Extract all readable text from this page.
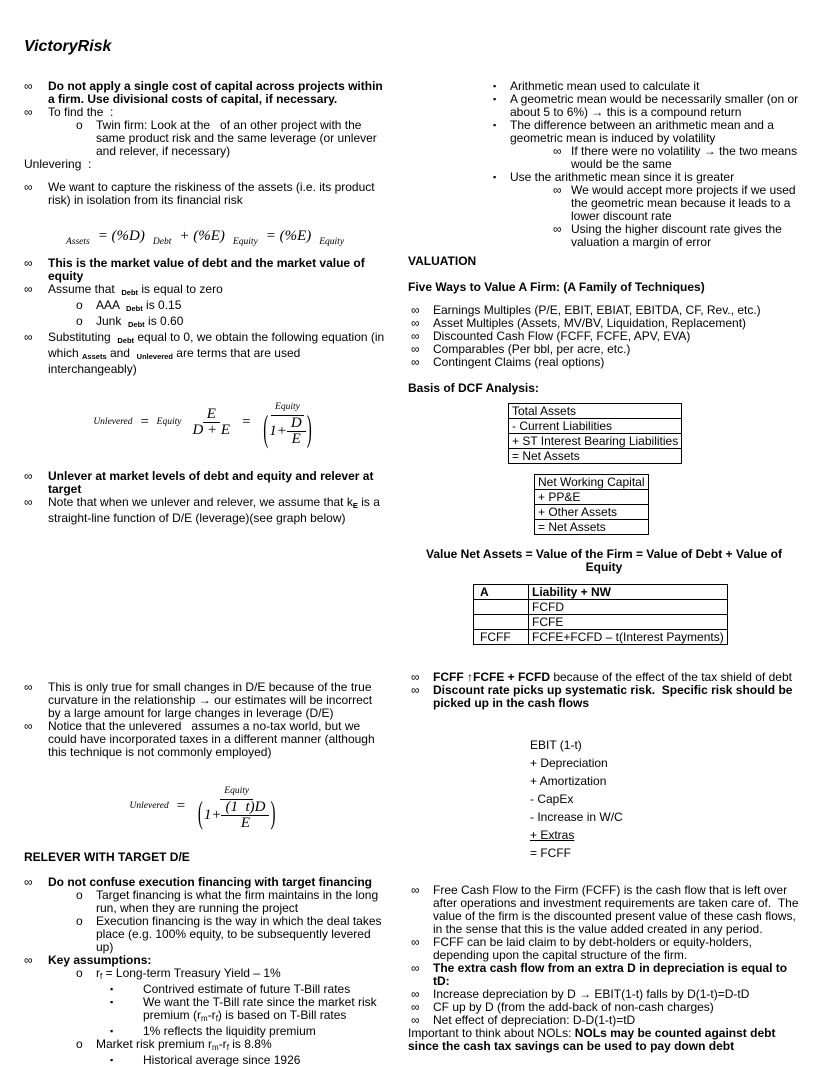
VictoryRisk
∞	Do not apply a single cost of capital across projects within a firm. Use divisional costs of capital, if necessary.
∞	To find the  :
o	Twin firm: Look at the   of an other project with the same product risk and the same leverage (or unlever and relever, if necessary)
Unlevering  :
∞	We want to capture the riskiness of the assets (i.e. its product risk) in isolation from its financial risk
Assets = (%D) Debt + (%E) Equity = (%E) Equity
∞	This is the market value of debt and the market value of equity
∞	Assume that  Debt is equal to zero
o	AAA  Debt is 0.15
o	Junk  Debt is 0.60
∞	Substituting  Debt equal to 0, we obtain the following equation (in which Assets and  Unlevered are terms that are used interchangeably)
Unlevered = Equity $\frac{E}{D + E}$ =
Equity
( $1+ \frac{D}{E}$ )
∞	Unlever at market levels of debt and equity and relever at target
∞	Note that when we unlever and relever, we assume that kE is a straight-line function of D/E (leverage)(see graph below)
∞	This is only true for small changes in D/E because of the true curvature in the relationship → our estimates will be incorrect by a large amount for large changes in leverage (D/E)
∞	Notice that the unlevered   assumes a no-tax world, but we could have incorporated taxes in a different manner (although this technique is not commonly employed)
Unlevered =
Equity
( $1+ \frac{(1 t)D}{E}$ )
RELEVER WITH TARGET D/E
∞	Do not confuse execution financing with target financing
o	Target financing is what the firm maintains in the long run, when they are running the project
o	Execution financing is the way in which the deal takes place (e.g. 100% equity, to be subsequently levered up)
∞	Key assumptions:
o	rf = Long-term Treasury Yield – 1%
▪	Contrived estimate of future T-Bill rates
▪	We want the T-Bill rate since the market risk premium (rm-rf) is based on T-Bill rates
▪	1% reflects the liquidity premium
o	Market risk premium rm-rf is 8.8%
▪	Historical average since 1926
▪	Arithmetic mean used to calculate it
▪	A geometric mean would be necessarily smaller (on or about 5 to 6%) → this is a compound return
▪	The difference between an arithmetic mean and a geometric mean is induced by volatility
∞ If there were no volatility → the two means would be the same
▪	Use the arithmetic mean since it is greater
∞ We would accept more projects if we used the geometric mean because it leads to a lower discount rate
∞ Using the higher discount rate gives the valuation a margin of error
VALUATION
Five Ways to Value A Firm: (A Family of Techniques)
∞	Earnings Multiples (P/E, EBIT, EBIAT, EBITDA, CF, Rev., etc.)
∞	Asset Multiples (Assets, MV/BV, Liquidation, Replacement)
∞	Discounted Cash Flow (FCFF, FCFE, APV, EVA)
∞	Comparables (Per bbl, per acre, etc.)
∞	Contingent Claims (real options)
Basis of DCF Analysis:
Total Assets
- Current Liabilities
+ ST Interest Bearing Liabilities
= Net Assets
Net Working Capital
+ PP&E
+ Other Assets
= Net Assets
Value Net Assets = Value of the Firm = Value of Debt + Value of Equity
A	Liability + NW
	FCFD
	FCFE
FCFF	FCFE+FCFD – t(Interest Payments)
∞	FCFF ↑FCFE + FCFD because of the effect of the tax shield of debt
∞	Discount rate picks up systematic risk.  Specific risk should be picked up in the cash flows
EBIT (1-t)
+ Depreciation
+ Amortization
- CapEx
- Increase in W/C
+ Extras
= FCFF
∞	Free Cash Flow to the Firm (FCFF) is the cash flow that is left over after operations and investment requirements are taken care of.  The value of the firm is the discounted present value of these cash flows, in the sense that this is the value added created in any period.
∞	FCFF can be laid claim to by debt-holders or equity-holders, depending upon the capital structure of the firm.
∞	The extra cash flow from an extra D in depreciation is equal to tD:
∞	Increase depreciation by D → EBIT(1-t) falls by D(1-t)=D-tD
∞	CF up by D (from the add-back of non-cash charges)
∞	Net effect of depreciation: D-D(1-t)=tD
Important to think about NOLs: NOLs may be counted against debt since the cash tax savings can be used to pay down debt
